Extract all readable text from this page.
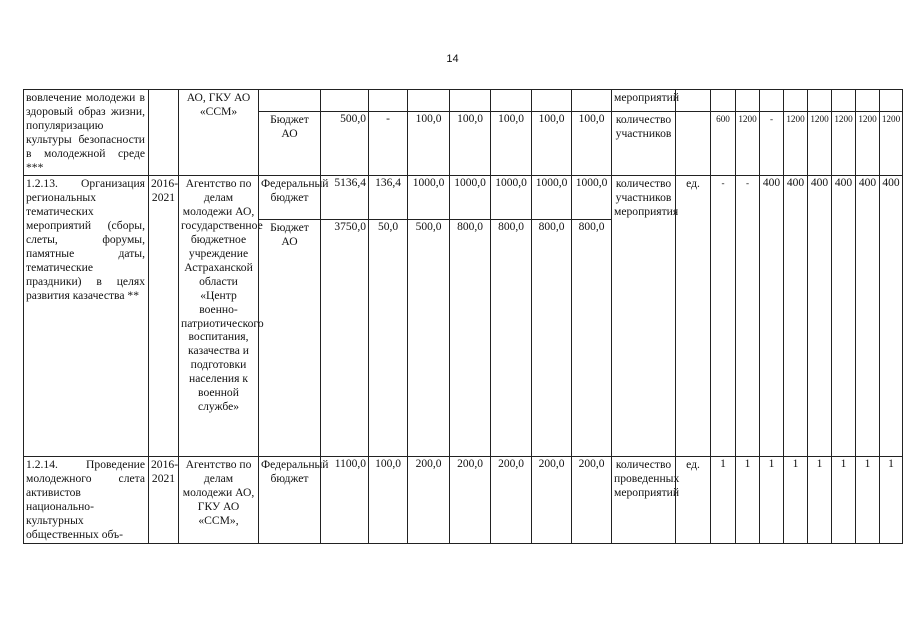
14
вовлечение молодежи в здоровый образ жизни, популяризацию культуры безопасности в молодежной среде ***		АО, ГКУ АО «ССМ»									мероприятий									
			Бюджет АО	500,0	-	100,0	100,0	100,0	100,0	100,0	количество участников		600	1200	-	1200	1200	1200	1200	1200
1.2.13. Организация региональных тематических мероприятий (сборы, слеты, форумы, памятные даты, тематические праздники) в целях развития казачества **	2016-2021	Агентство по делам молодежи АО, государственное бюджетное учреждение Астраханской области «Центр военно-патриотического воспитания, казачества и подготовки населения к военной службе»	Федеральный бюджет	5136,4	136,4	1000,0	1000,0	1000,0	1000,0	1000,0	количество участников мероприятия	ед.	-	-	400	400	400	400	400	400
			Бюджет АО	3750,0	50,0	500,0	800,0	800,0	800,0	800,0										
1.2.14. Проведение молодежного слета активистов национально-культурных общественных объ-	2016-2021	Агентство по делам молодежи АО, ГКУ АО «ССМ»,	Федеральный бюджет	1100,0	100,0	200,0	200,0	200,0	200,0	200,0	количество проведенных мероприятий	ед.	1	1	1	1	1	1	1	1
